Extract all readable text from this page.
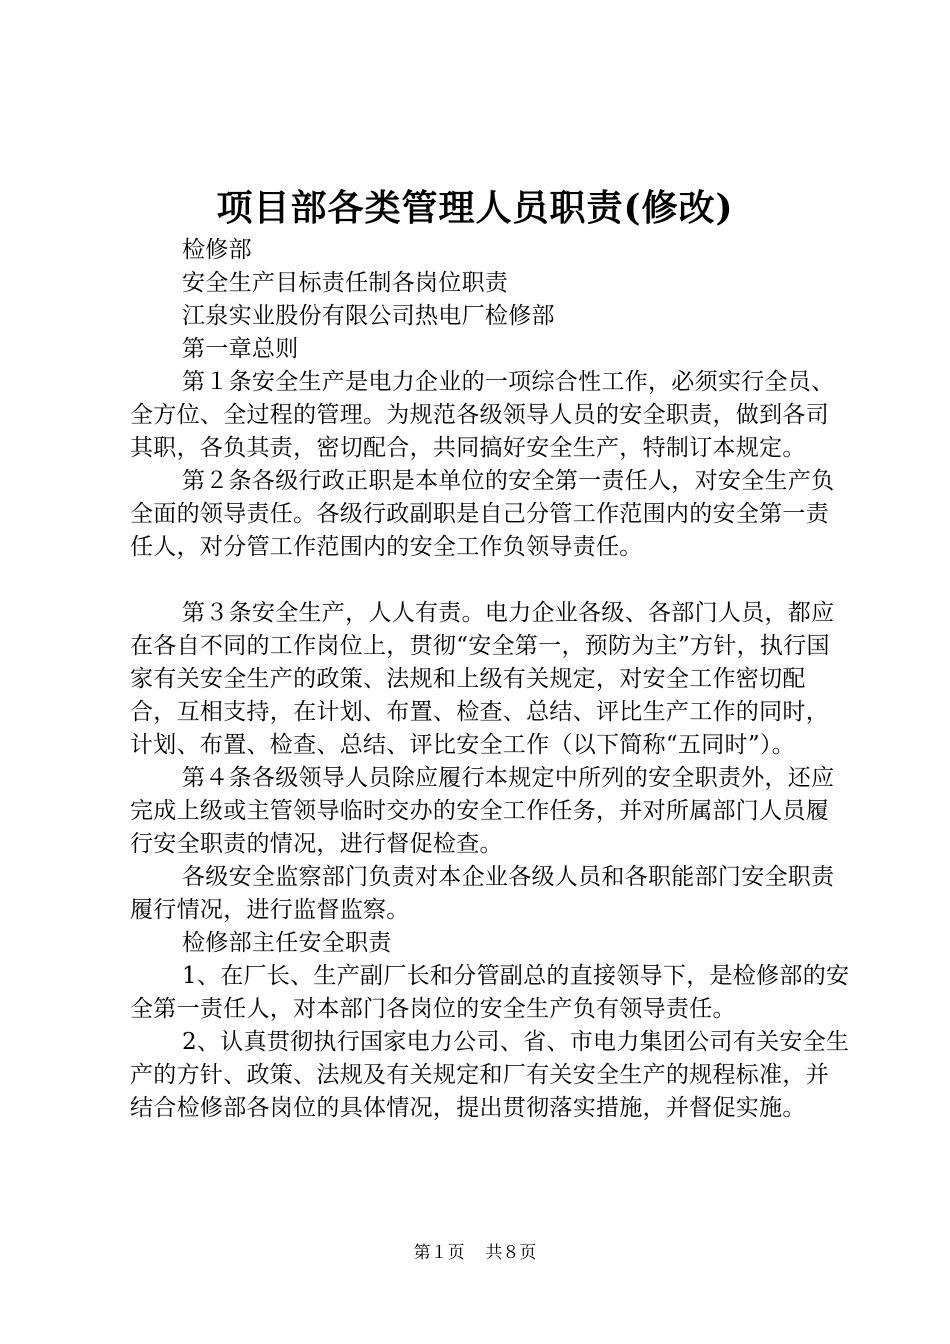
项目部各类管理人员职责(修改)

检修部

安全生产目标责任制各岗位职责

江泉实业股份有限公司热电厂检修部

第一章总则

第１条安全生产是电力企业的一项综合性工作，必须实行全员、全方位、全过程的管理。为规范各级领导人员的安全职责，做到各司其职，各负其责，密切配合，共同搞好安全生产，特制订本规定。

第２条各级行政正职是本单位的安全第一责任人，对安全生产负全面的领导责任。各级行政副职是自己分管工作范围内的安全第一责任人，对分管工作范围内的安全工作负领导责任。

第３条安全生产，人人有责。电力企业各级、各部门人员，都应在各自不同的工作岗位上，贯彻“安全第一，预防为主”方针，执行国家有关安全生产的政策、法规和上级有关规定，对安全工作密切配合，互相支持，在计划、布置、检查、总结、评比生产工作的同时，计划、布置、检查、总结、评比安全工作（以下简称“五同时”）。

第４条各级领导人员除应履行本规定中所列的安全职责外，还应完成上级或主管领导临时交办的安全工作任务，并对所属部门人员履行安全职责的情况，进行督促检查。

各级安全监察部门负责对本企业各级人员和各职能部门安全职责履行情况，进行监督监察。

检修部主任安全职责

1、在厂长、生产副厂长和分管副总的直接领导下，是检修部的安全第一责任人，对本部门各岗位的安全生产负有领导责任。

2、认真贯彻执行国家电力公司、省、市电力集团公司有关安全生产的方针、政策、法规及有关规定和厂有关安全生产的规程标准，并结合检修部各岗位的具体情况，提出贯彻落实措施，并督促实施。

第１页 共８页
